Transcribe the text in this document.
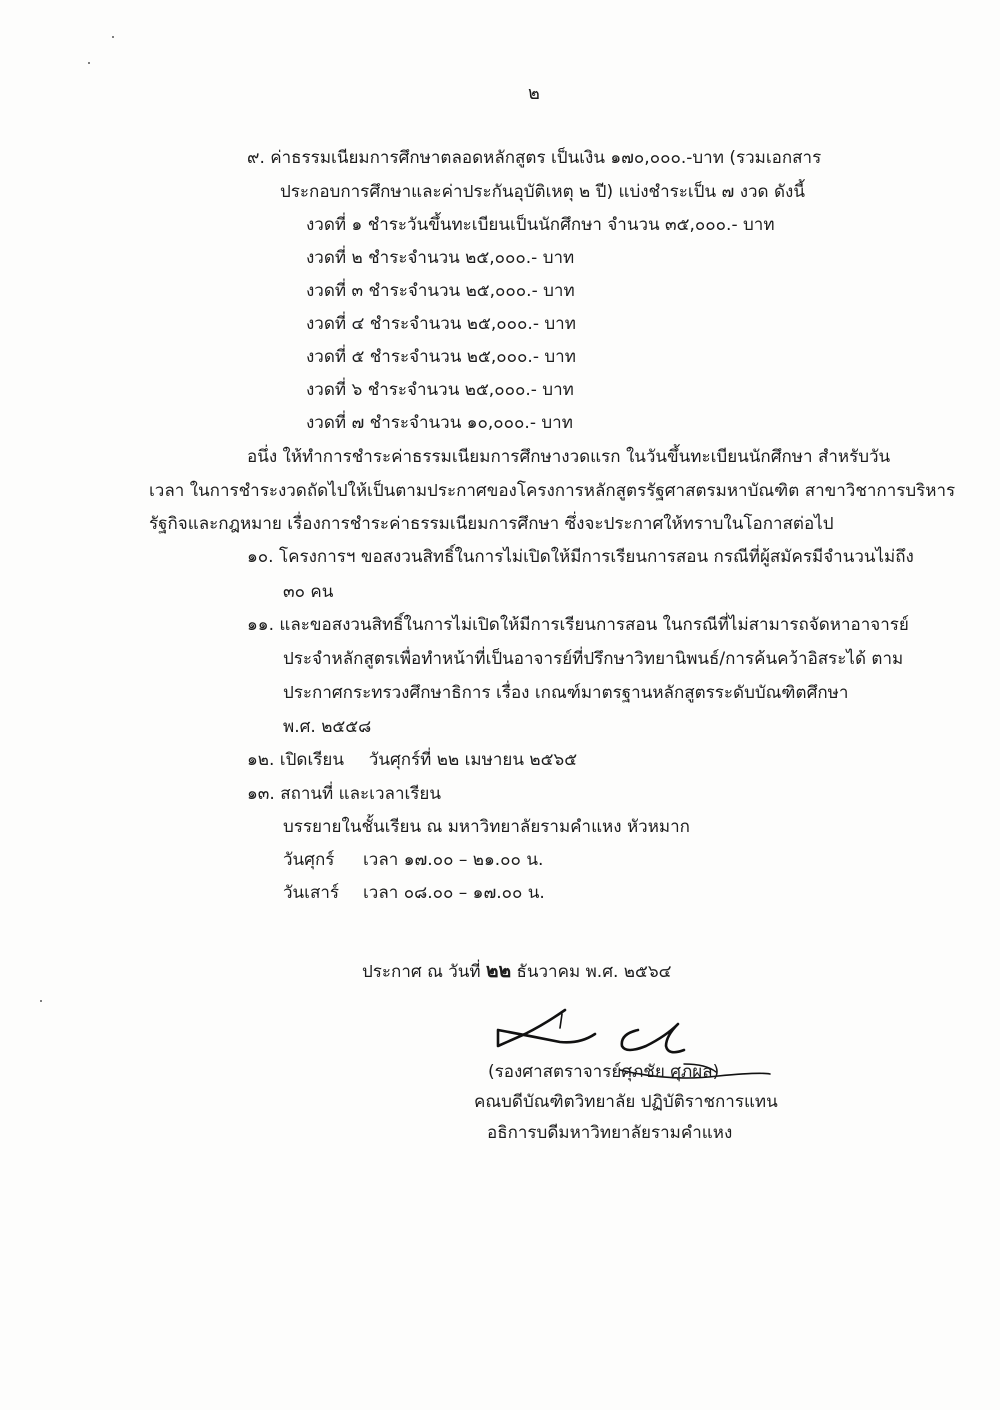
๒
๙. ค่าธรรมเนียมการศึกษาตลอดหลักสูตร เป็นเงิน ๑๗๐,๐๐๐.-บาท (รวมเอกสาร
ประกอบการศึกษาและค่าประกันอุบัติเหตุ ๒ ปี) แบ่งชำระเป็น ๗ งวด ดังนี้
งวดที่ ๑ ชำระวันขึ้นทะเบียนเป็นนักศึกษา จำนวน ๓๕,๐๐๐.- บาท
งวดที่ ๒ ชำระจำนวน ๒๕,๐๐๐.- บาท
งวดที่ ๓ ชำระจำนวน ๒๕,๐๐๐.- บาท
งวดที่ ๔ ชำระจำนวน ๒๕,๐๐๐.- บาท
งวดที่ ๕ ชำระจำนวน ๒๕,๐๐๐.- บาท
งวดที่ ๖ ชำระจำนวน ๒๕,๐๐๐.- บาท
งวดที่ ๗ ชำระจำนวน ๑๐,๐๐๐.- บาท
อนึ่ง ให้ทำการชำระค่าธรรมเนียมการศึกษางวดแรก ในวันขึ้นทะเบียนนักศึกษา สำหรับวัน
เวลา ในการชำระงวดถัดไปให้เป็นตามประกาศของโครงการหลักสูตรรัฐศาสตรมหาบัณฑิต สาขาวิชาการบริหาร
รัฐกิจและกฎหมาย เรื่องการชำระค่าธรรมเนียมการศึกษา ซึ่งจะประกาศให้ทราบในโอกาสต่อไป
๑๐. โครงการฯ ขอสงวนสิทธิ์ในการไม่เปิดให้มีการเรียนการสอน กรณีที่ผู้สมัครมีจำนวนไม่ถึง
๓๐ คน
๑๑. และขอสงวนสิทธิ์ในการไม่เปิดให้มีการเรียนการสอน ในกรณีที่ไม่สามารถจัดหาอาจารย์
ประจำหลักสูตรเพื่อทำหน้าที่เป็นอาจารย์ที่ปรึกษาวิทยานิพนธ์/การค้นคว้าอิสระได้ ตาม
ประกาศกระทรวงศึกษาธิการ เรื่อง เกณฑ์มาตรฐานหลักสูตรระดับบัณฑิตศึกษา
พ.ศ. ๒๕๕๘
๑๒. เปิดเรียน วันศุกร์ที่ ๒๒ เมษายน ๒๕๖๕
๑๓. สถานที่ และเวลาเรียน
บรรยายในชั้นเรียน ณ มหาวิทยาลัยรามคำแหง หัวหมาก
วันศุกร์ เวลา ๑๗.๐๐ – ๒๑.๐๐ น.
วันเสาร์ เวลา ๐๘.๐๐ – ๑๗.๐๐ น.
ประกาศ ณ วันที่ ๒๒ ธันวาคม พ.ศ. ๒๕๖๔
(รองศาสตราจารย์ศุภชัย ศุภผล)
คณบดีบัณฑิตวิทยาลัย ปฏิบัติราชการแทน
อธิการบดีมหาวิทยาลัยรามคำแหง
